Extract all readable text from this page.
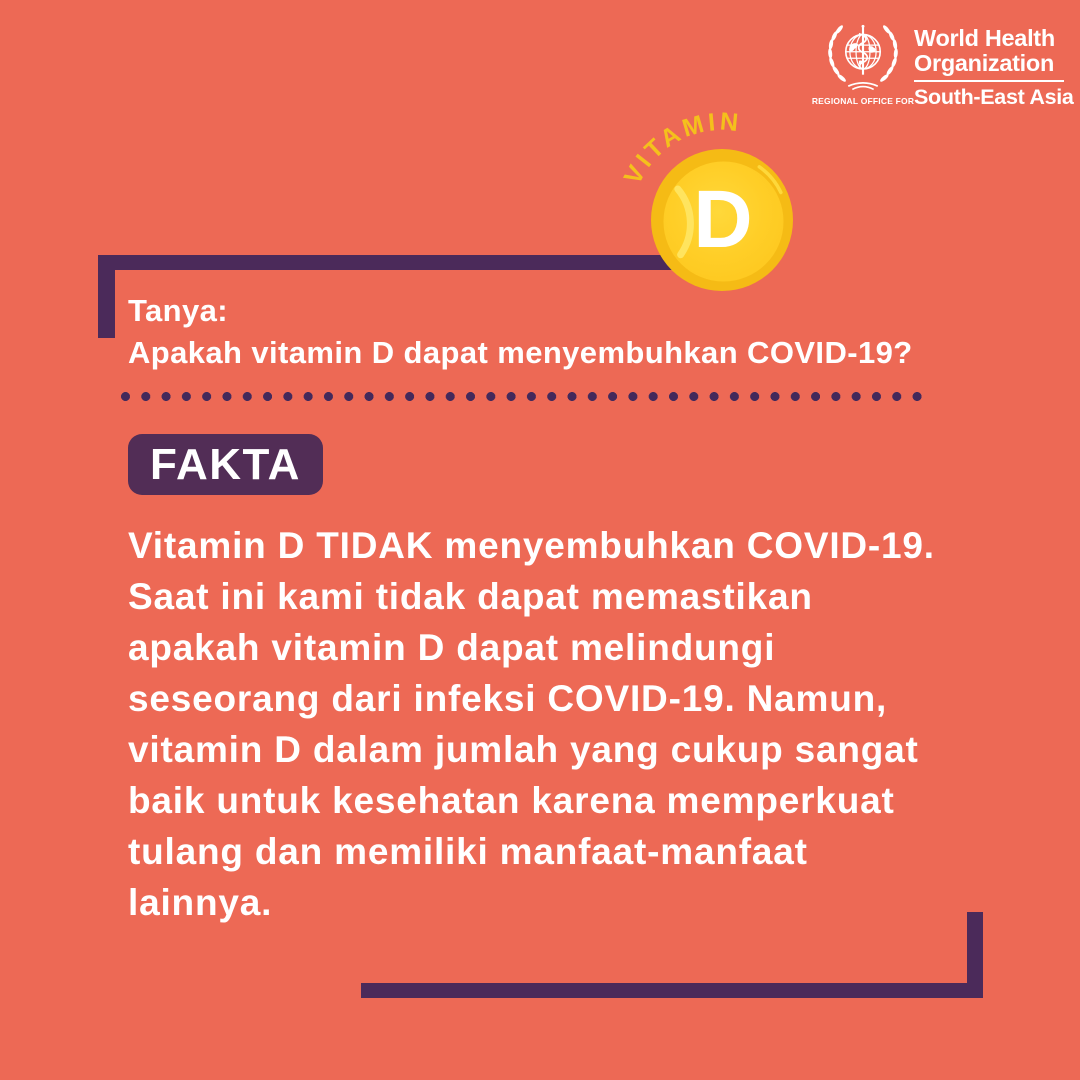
REGIONAL OFFICE FOR
World Health
Organization
South-East Asia
VITAMIN
D
Tanya:
Apakah vitamin D dapat menyembuhkan COVID-19?
FAKTA
Vitamin D TIDAK menyembuhkan COVID-19.
Saat ini kami tidak dapat memastikan
apakah vitamin D dapat melindungi
seseorang dari infeksi COVID-19. Namun,
vitamin D dalam jumlah yang cukup sangat
baik untuk kesehatan karena memperkuat
tulang dan memiliki manfaat-manfaat
lainnya.
